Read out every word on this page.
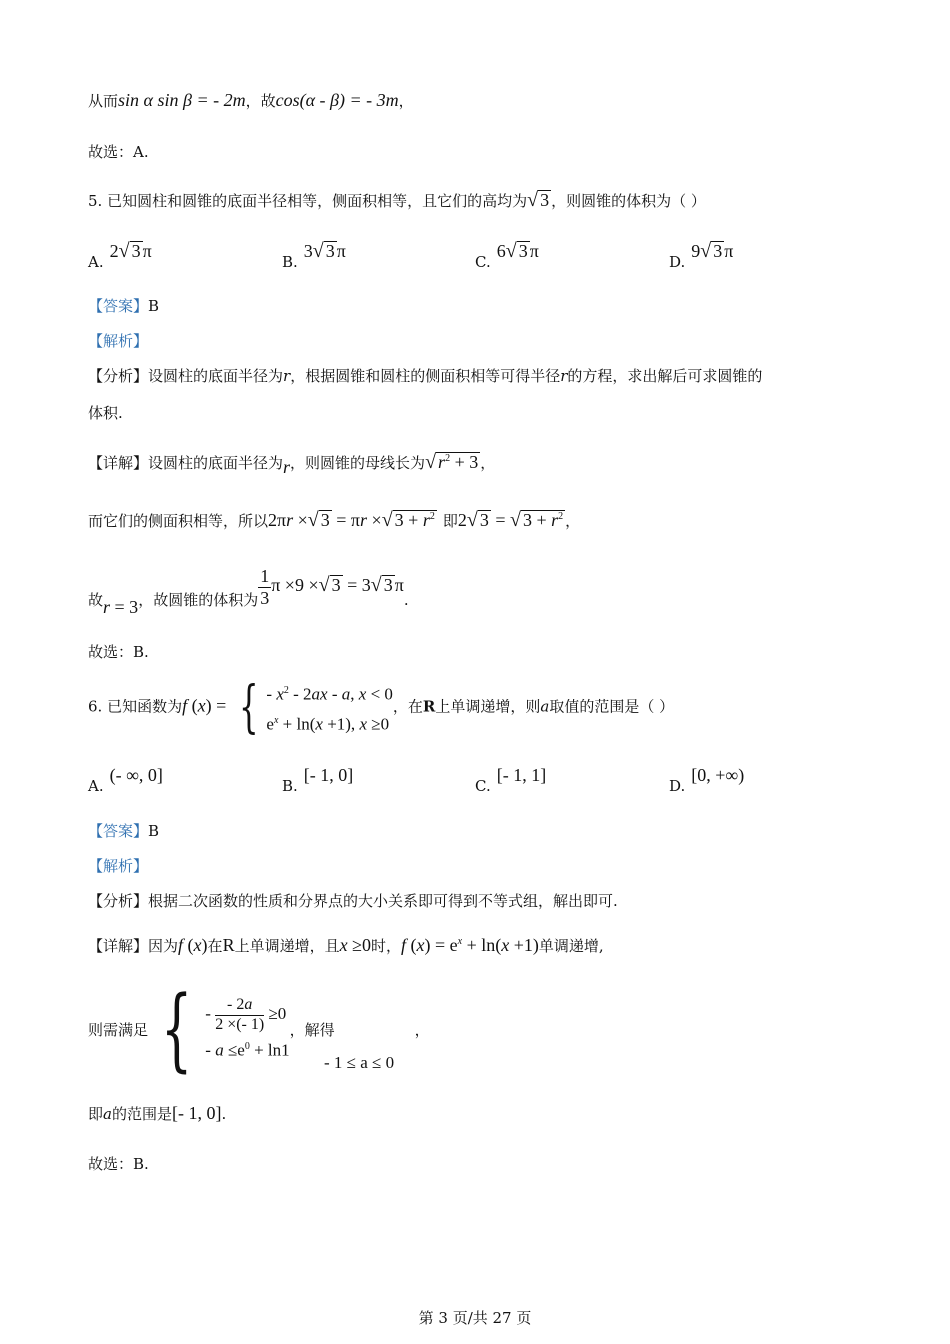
从而sin α sin β = - 2m，故cos(α - β) = - 3m，
故选：A.
5. 已知圆柱和圆锥的底面半径相等，侧面积相等，且它们的高均为√ 3 ，则圆锥的体积为（ ）
A.2√ 3 π
B.3√ 3 π
C.6√ 3 π
D.9√ 3 π
【答案】B
【解析】
【分析】设圆柱的底面半径为r，根据圆锥和圆柱的侧面积相等可得半径r的方程，求出解后可求圆锥的
体积.
【详解】设圆柱的底面半径为r，则圆锥的母线长为√ $r^2 + 3$ ，
而它们的侧面积相等，所以2πr ×√ 3 = πr ×√ $3 + r^2$ 即2√ 3 = √ $3 + r^2$ ，
故r = 3，故圆锥的体积为 $\frac{1}{3}$ π ×9 ×√ 3 = 3√ 3 π.
故选：B.
6. 已知函数为f (x) = { - $x^2 - 2ax$ - a, x < 0
$e^x + \ln(x +1)$, x ≥0
，在R上单调递增，则a取值的范围是（ ）
A.(- ∞, 0]
B.[- 1, 0]
C.[- 1, 1]
D.[0, +∞)
【答案】B
【解析】
【分析】根据二次函数的性质和分界点的大小关系即可得到不等式组，解出即可.
【详解】因为f (x)在R上单调递增，且x ≥0时，f $(x) = e^x + \ln(x +1)$单调递增,
则需满足 { - $\frac{- 2a}{2 \times(- 1)} \ge 0$
- $a \le e^0 + \ln 1$
，解得	，
- 1 ≤ a ≤ 0
即a的范围是[- 1, 0].
故选：B.
第 3 页/共 27 页
